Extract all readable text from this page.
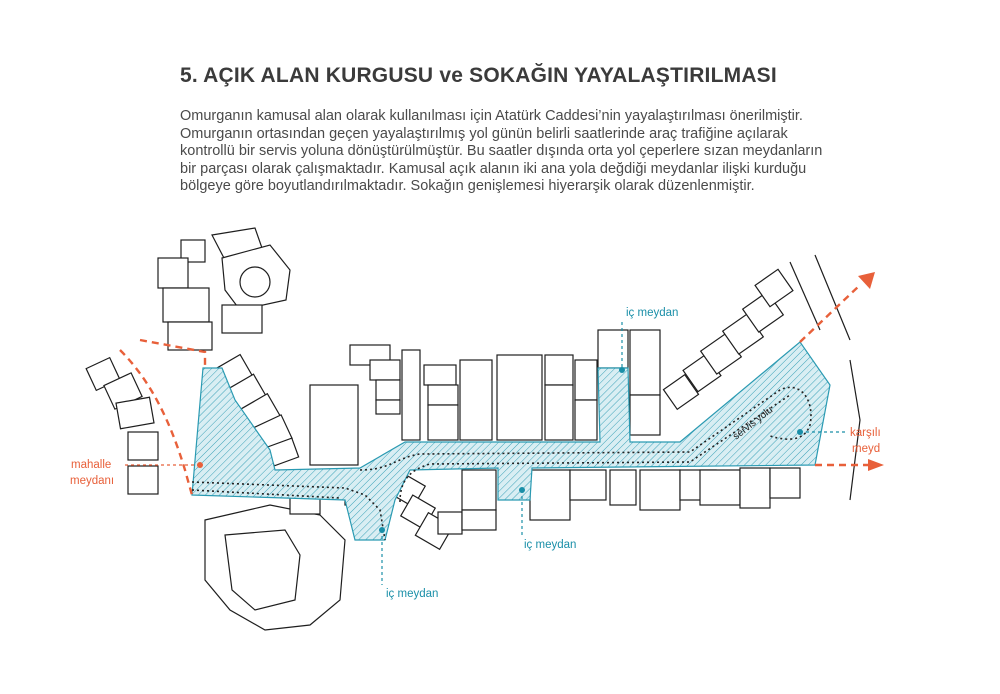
5. AÇIK ALAN KURGUSU ve SOKAĞIN YAYALAŞTIRILMASI
Omurganın kamusal alan olarak kullanılması için Atatürk Caddesi’nin yayalaştırılması önerilmiştir.
Omurganın ortasından geçen yayalaştırılmış yol günün belirli saatlerinde araç trafiğine açılarak
kontrollü bir servis yoluna dönüştürülmüştür. Bu saatler dışında orta yol çeperlere sızan meydanların
bir parçası olarak çalışmaktadır. Kamusal açık alanın iki ana yola değdiği meydanlar ilişki kurduğu
bölgeye göre boyutlandırılmaktadır. Sokağın genişlemesi hiyerarşik olarak düzenlenmiştir.
iç meydan
iç meydan
iç meydan
mahalle
meydanı
karşılı
meyd
servis yolu
